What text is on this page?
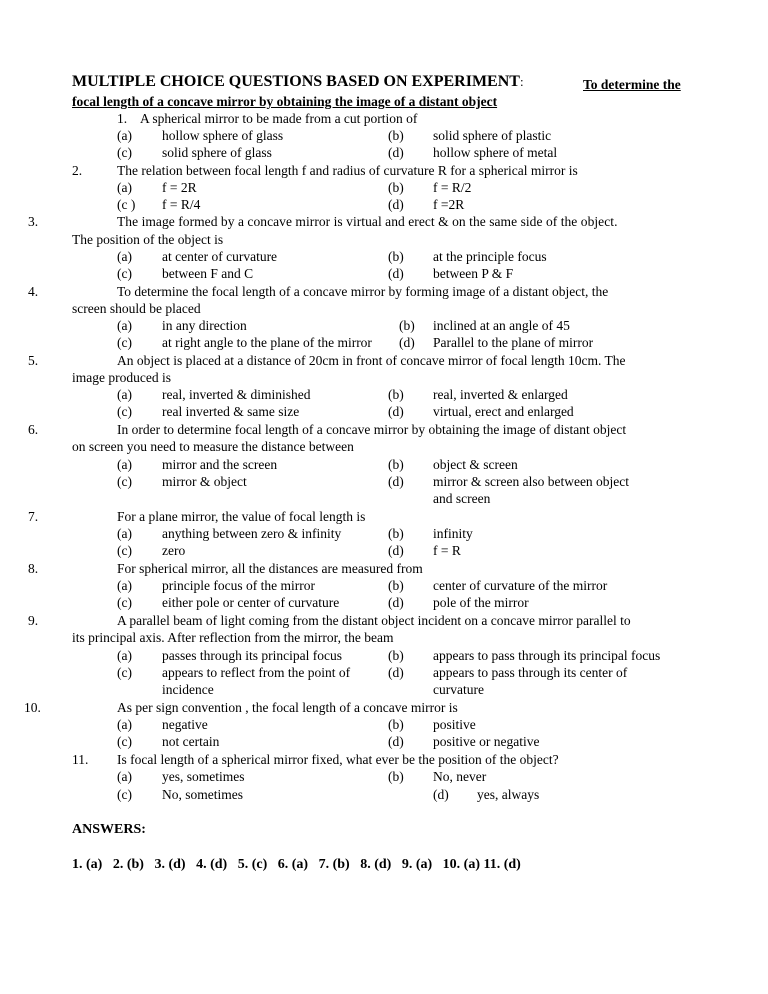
MULTIPLE CHOICE QUESTIONS BASED ON EXPERIMENT:	To determine the
focal length of a concave mirror by obtaining the image of a distant object
1. A spherical mirror to be made from a cut portion of
(a) hollow sphere of glass	(b) solid sphere of plastic
(c) solid sphere of glass	(d) hollow sphere of metal
2.	The relation between focal length f and radius of curvature R for a spherical mirror is
(a) f = 2R	(b) f = R/2
(c ) f = R/4	(d) f =2R
3.	The image formed by a concave mirror is virtual and erect & on the same side of the object.
The position of the object is
(a) at center of curvature	(b) at the principle focus
(c) between F and C	(d) between P & F
4.	To determine the focal length of a concave mirror by forming image of a distant object, the
screen should be placed
(a) in any direction	(b) inclined at an angle of 45
(c) at right angle to the plane of the mirror (d) Parallel to the plane of mirror
5.	An object is placed at a distance of 20cm in front of concave mirror of focal length 10cm. The
image produced is
(a) real, inverted & diminished	(b) real, inverted & enlarged
(c) real inverted & same size	(d) virtual, erect and enlarged
6.	In order to determine focal length of a concave mirror by obtaining the image of distant object
on screen you need to measure the distance between
(a) mirror and the screen	(b) object & screen
(c) mirror & object	(d) mirror & screen also between object
and screen
7.	For a plane mirror, the value of focal length is
(a) anything between zero & infinity	(b) infinity
(c) zero	(d) f = R
8.	For spherical mirror, all the distances are measured from
(a) principle focus of the mirror	(b) center of curvature of the mirror
(c) either pole or center of curvature	(d) pole of the mirror
9.	A parallel beam of light coming from the distant object incident on a concave mirror parallel to
its principal axis. After reflection from the mirror, the beam
(a) passes through its principal focus	(b) appears to pass through its principal focus
(c) appears to reflect from the point of	(d) appears to pass through its center of
incidence	curvature
10.	As per sign convention , the focal length of a concave mirror is
(a) negative	(b) positive
(c) not certain	(d) positive or negative
11. Is focal length of a spherical mirror fixed, what ever be the position of the object?
(a) yes, sometimes	(b) No, never
(c) No, sometimes	(d) yes, always
ANSWERS:
1. (a) 2. (b) 3. (d) 4. (d) 5. (c) 6. (a) 7. (b) 8. (d) 9. (a) 10. (a) 11. (d)
